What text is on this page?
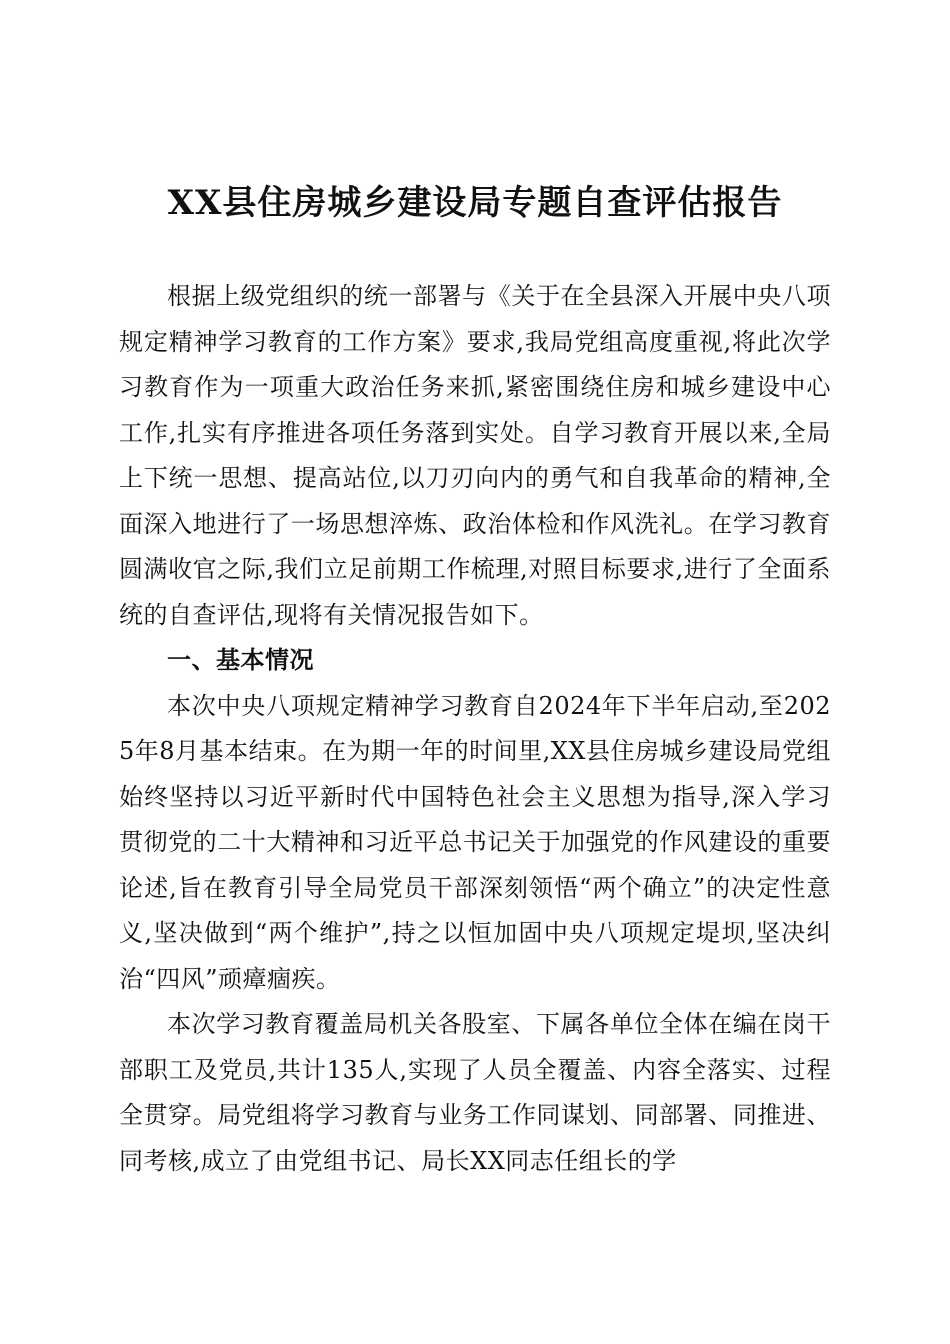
XX县住房城乡建设局专题自查评估报告

根据上级党组织的统一部署与《关于在全县深入开展中央八项规定精神学习教育的工作方案》要求,我局党组高度重视,将此次学习教育作为一项重大政治任务来抓,紧密围绕住房和城乡建设中心工作,扎实有序推进各项任务落到实处。自学习教育开展以来,全局上下统一思想、提高站位,以刀刃向内的勇气和自我革命的精神,全面深入地进行了一场思想淬炼、政治体检和作风洗礼。在学习教育圆满收官之际,我们立足前期工作梳理,对照目标要求,进行了全面系统的自查评估,现将有关情况报告如下。

一、基本情况

本次中央八项规定精神学习教育自2024年下半年启动,至2025年8月基本结束。在为期一年的时间里,XX县住房城乡建设局党组始终坚持以习近平新时代中国特色社会主义思想为指导,深入学习贯彻党的二十大精神和习近平总书记关于加强党的作风建设的重要论述,旨在教育引导全局党员干部深刻领悟“两个确立”的决定性意义,坚决做到“两个维护”,持之以恒加固中央八项规定堤坝,坚决纠治“四风”顽瘴痼疾。

本次学习教育覆盖局机关各股室、下属各单位全体在编在岗干部职工及党员,共计135人,实现了人员全覆盖、内容全落实、过程全贯穿。局党组将学习教育与业务工作同谋划、同部署、同推进、同考核,成立了由党组书记、局长XX同志任组长的学
